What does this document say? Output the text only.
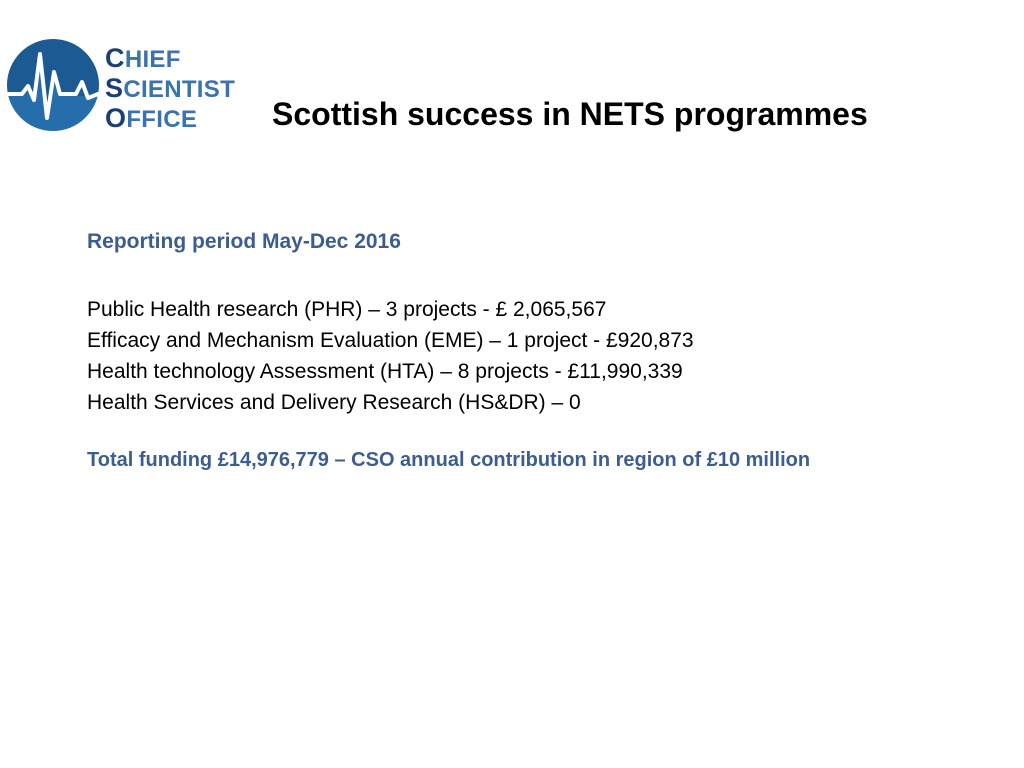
CHIEF
SCIENTIST
OFFICE	Scottish success in NETS programmes
Reporting period May-Dec 2016
Public Health research (PHR) – 3 projects - £ 2,065,567
Efficacy and Mechanism Evaluation (EME) – 1 project - £920,873
Health technology Assessment (HTA) – 8 projects - £11,990,339
Health Services and Delivery Research (HS&DR) – 0
Total funding £14,976,779 – CSO annual contribution in region of £10 million
